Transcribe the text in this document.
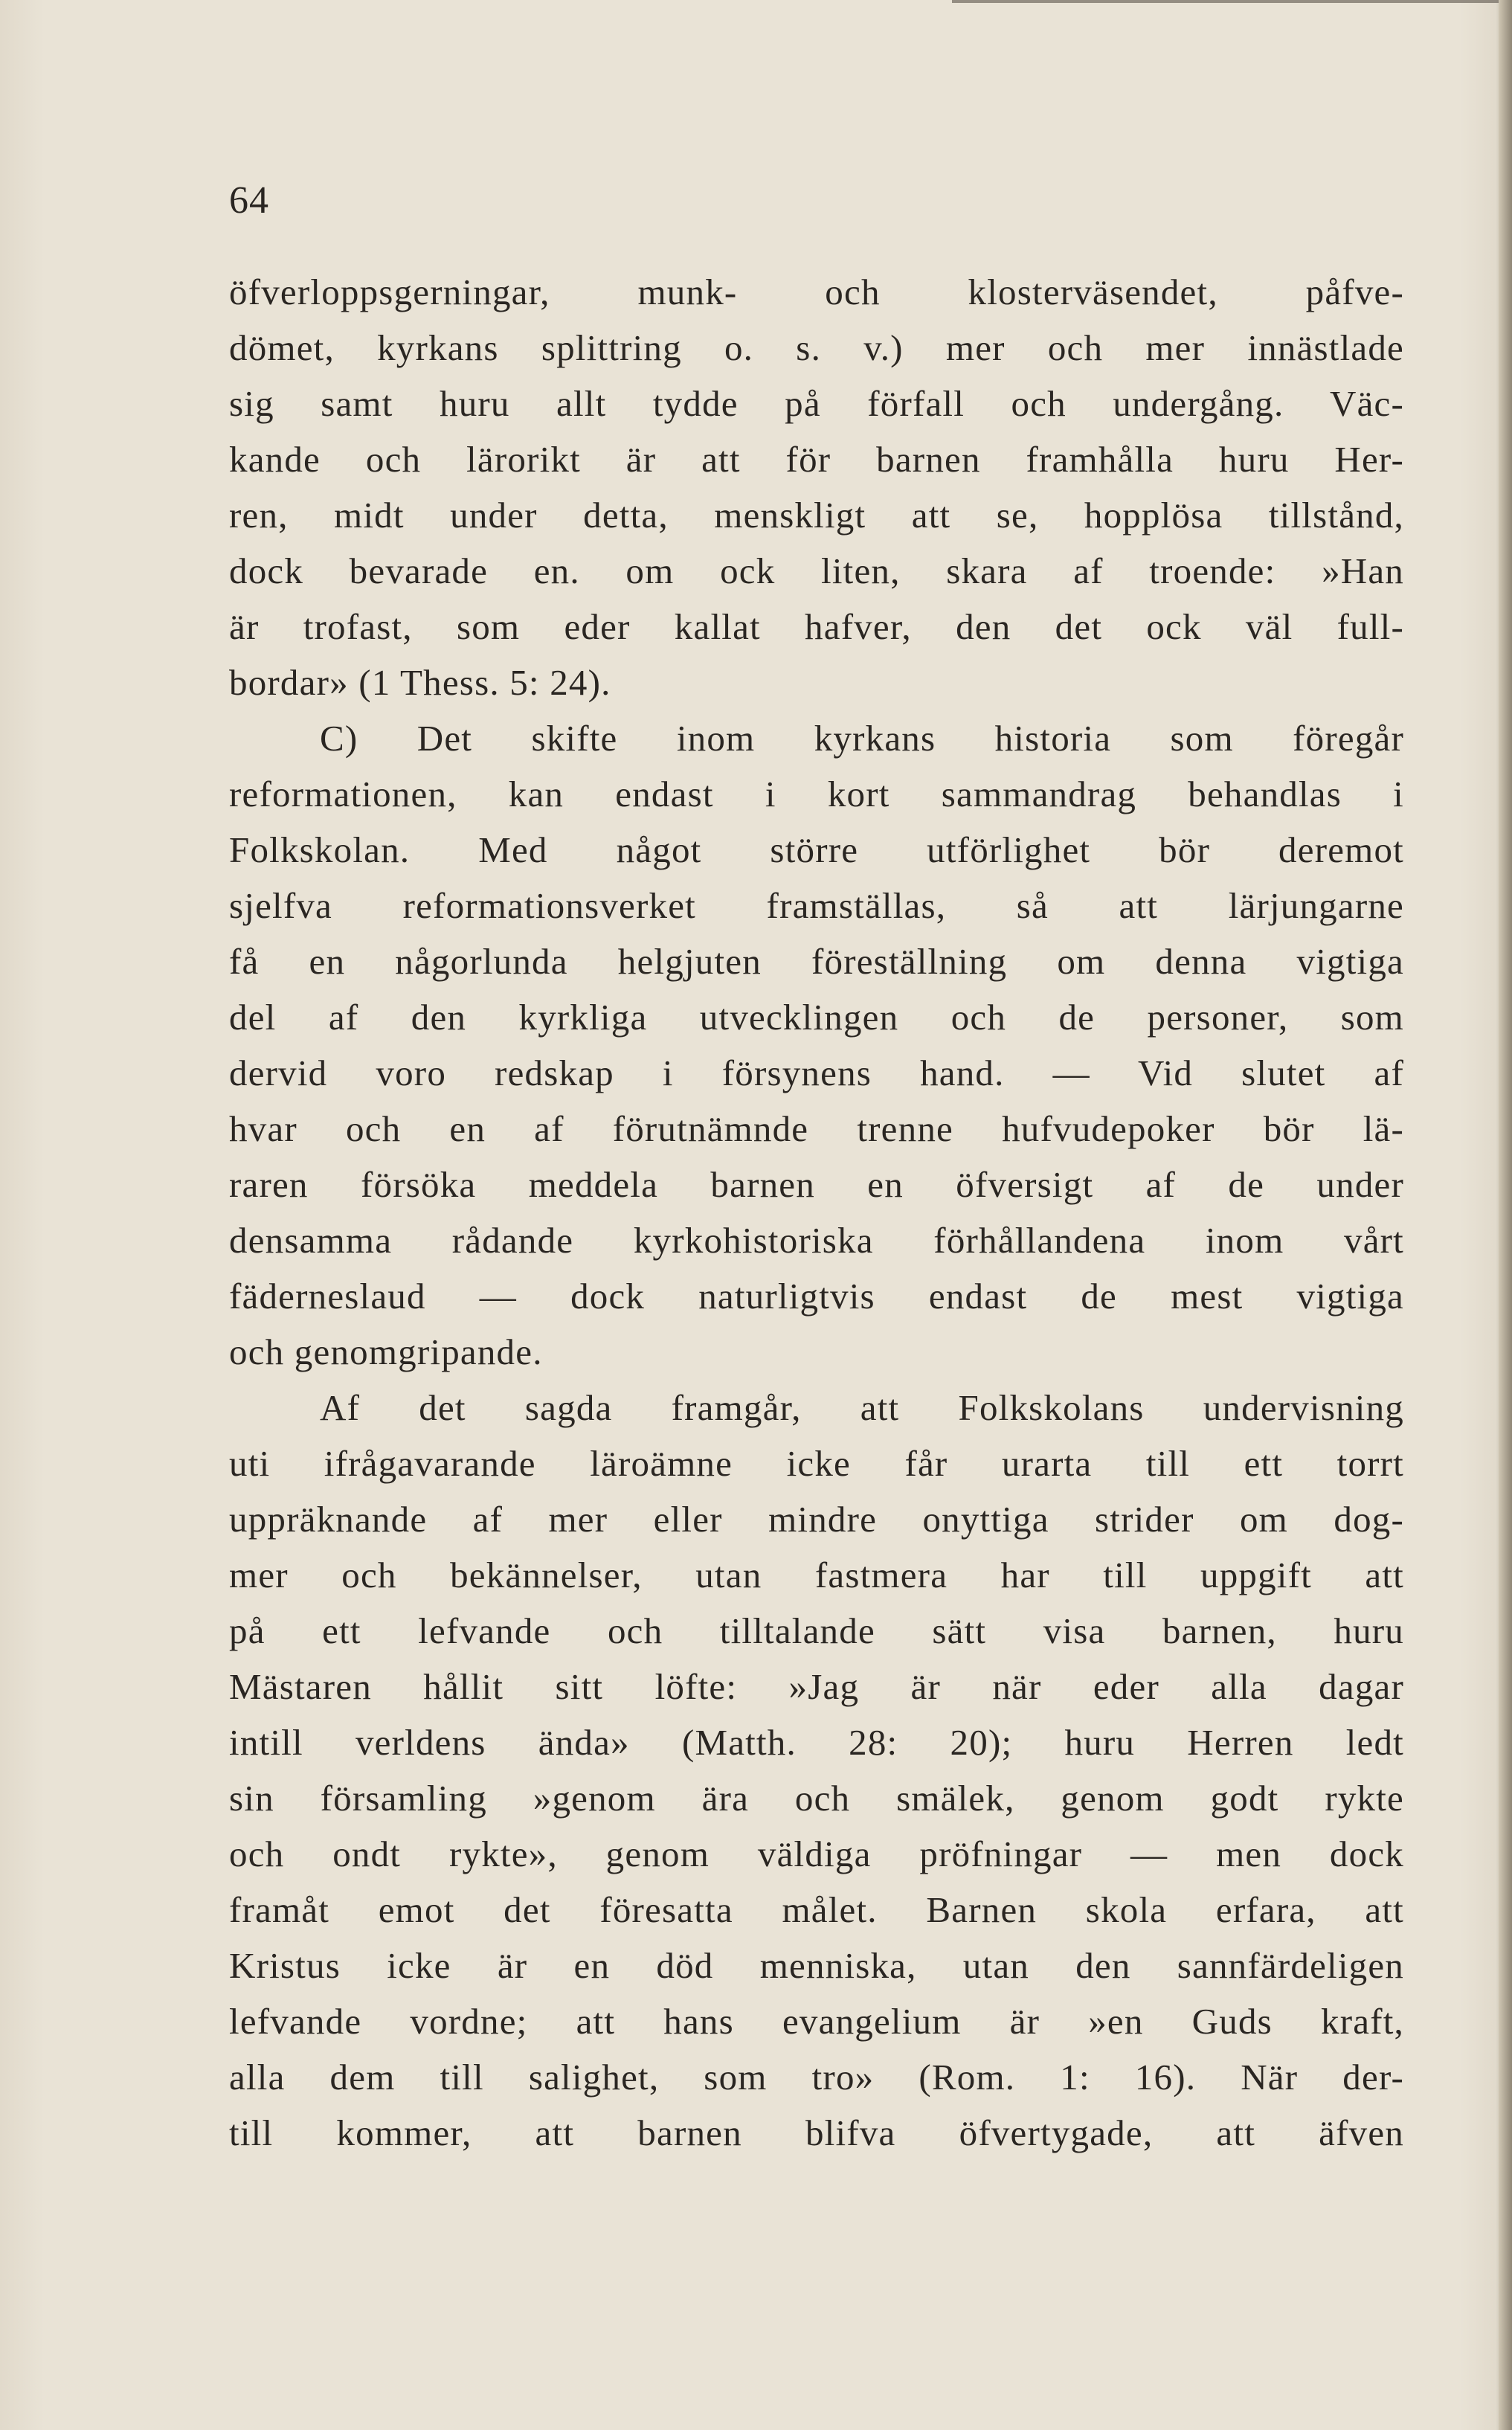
64
öfverloppsgerningar, munk- och klosterväsendet, påfve-
dömet, kyrkans splittring o. s. v.) mer och mer innästlade
sig samt huru allt tydde på förfall och undergång. Väc-
kande och lärorikt är att för barnen framhålla huru Her-
ren, midt under detta, menskligt att se, hopplösa tillstånd,
dock bevarade en. om ock liten, skara af troende: »Han
är trofast, som eder kallat hafver, den det ock väl full-
bordar» (1 Thess. 5: 24).
C) Det skifte inom kyrkans historia som föregår
reformationen, kan endast i kort sammandrag behandlas i
Folkskolan. Med något större utförlighet bör deremot
sjelfva reformationsverket framställas, så att lärjungarne
få en någorlunda helgjuten föreställning om denna vigtiga
del af den kyrkliga utvecklingen och de personer, som
dervid voro redskap i försynens hand. — Vid slutet af
hvar och en af förutnämnde trenne hufvudepoker bör lä-
raren försöka meddela barnen en öfversigt af de under
densamma rådande kyrkohistoriska förhållandena inom vårt
fäderneslaud — dock naturligtvis endast de mest vigtiga
och genomgripande.
Af det sagda framgår, att Folkskolans undervisning
uti ifrågavarande läroämne icke får urarta till ett torrt
uppräknande af mer eller mindre onyttiga strider om dog-
mer och bekännelser, utan fastmera har till uppgift att
på ett lefvande och tilltalande sätt visa barnen, huru
Mästaren hållit sitt löfte: »Jag är när eder alla dagar
intill verldens ända» (Matth. 28: 20); huru Herren ledt
sin församling »genom ära och smälek, genom godt rykte
och ondt rykte», genom väldiga pröfningar — men dock
framåt emot det föresatta målet. Barnen skola erfara, att
Kristus icke är en död menniska, utan den sannfärdeligen
lefvande vordne; att hans evangelium är »en Guds kraft,
alla dem till salighet, som tro» (Rom. 1: 16). När der-
till kommer, att barnen blifva öfvertygade, att äfven
